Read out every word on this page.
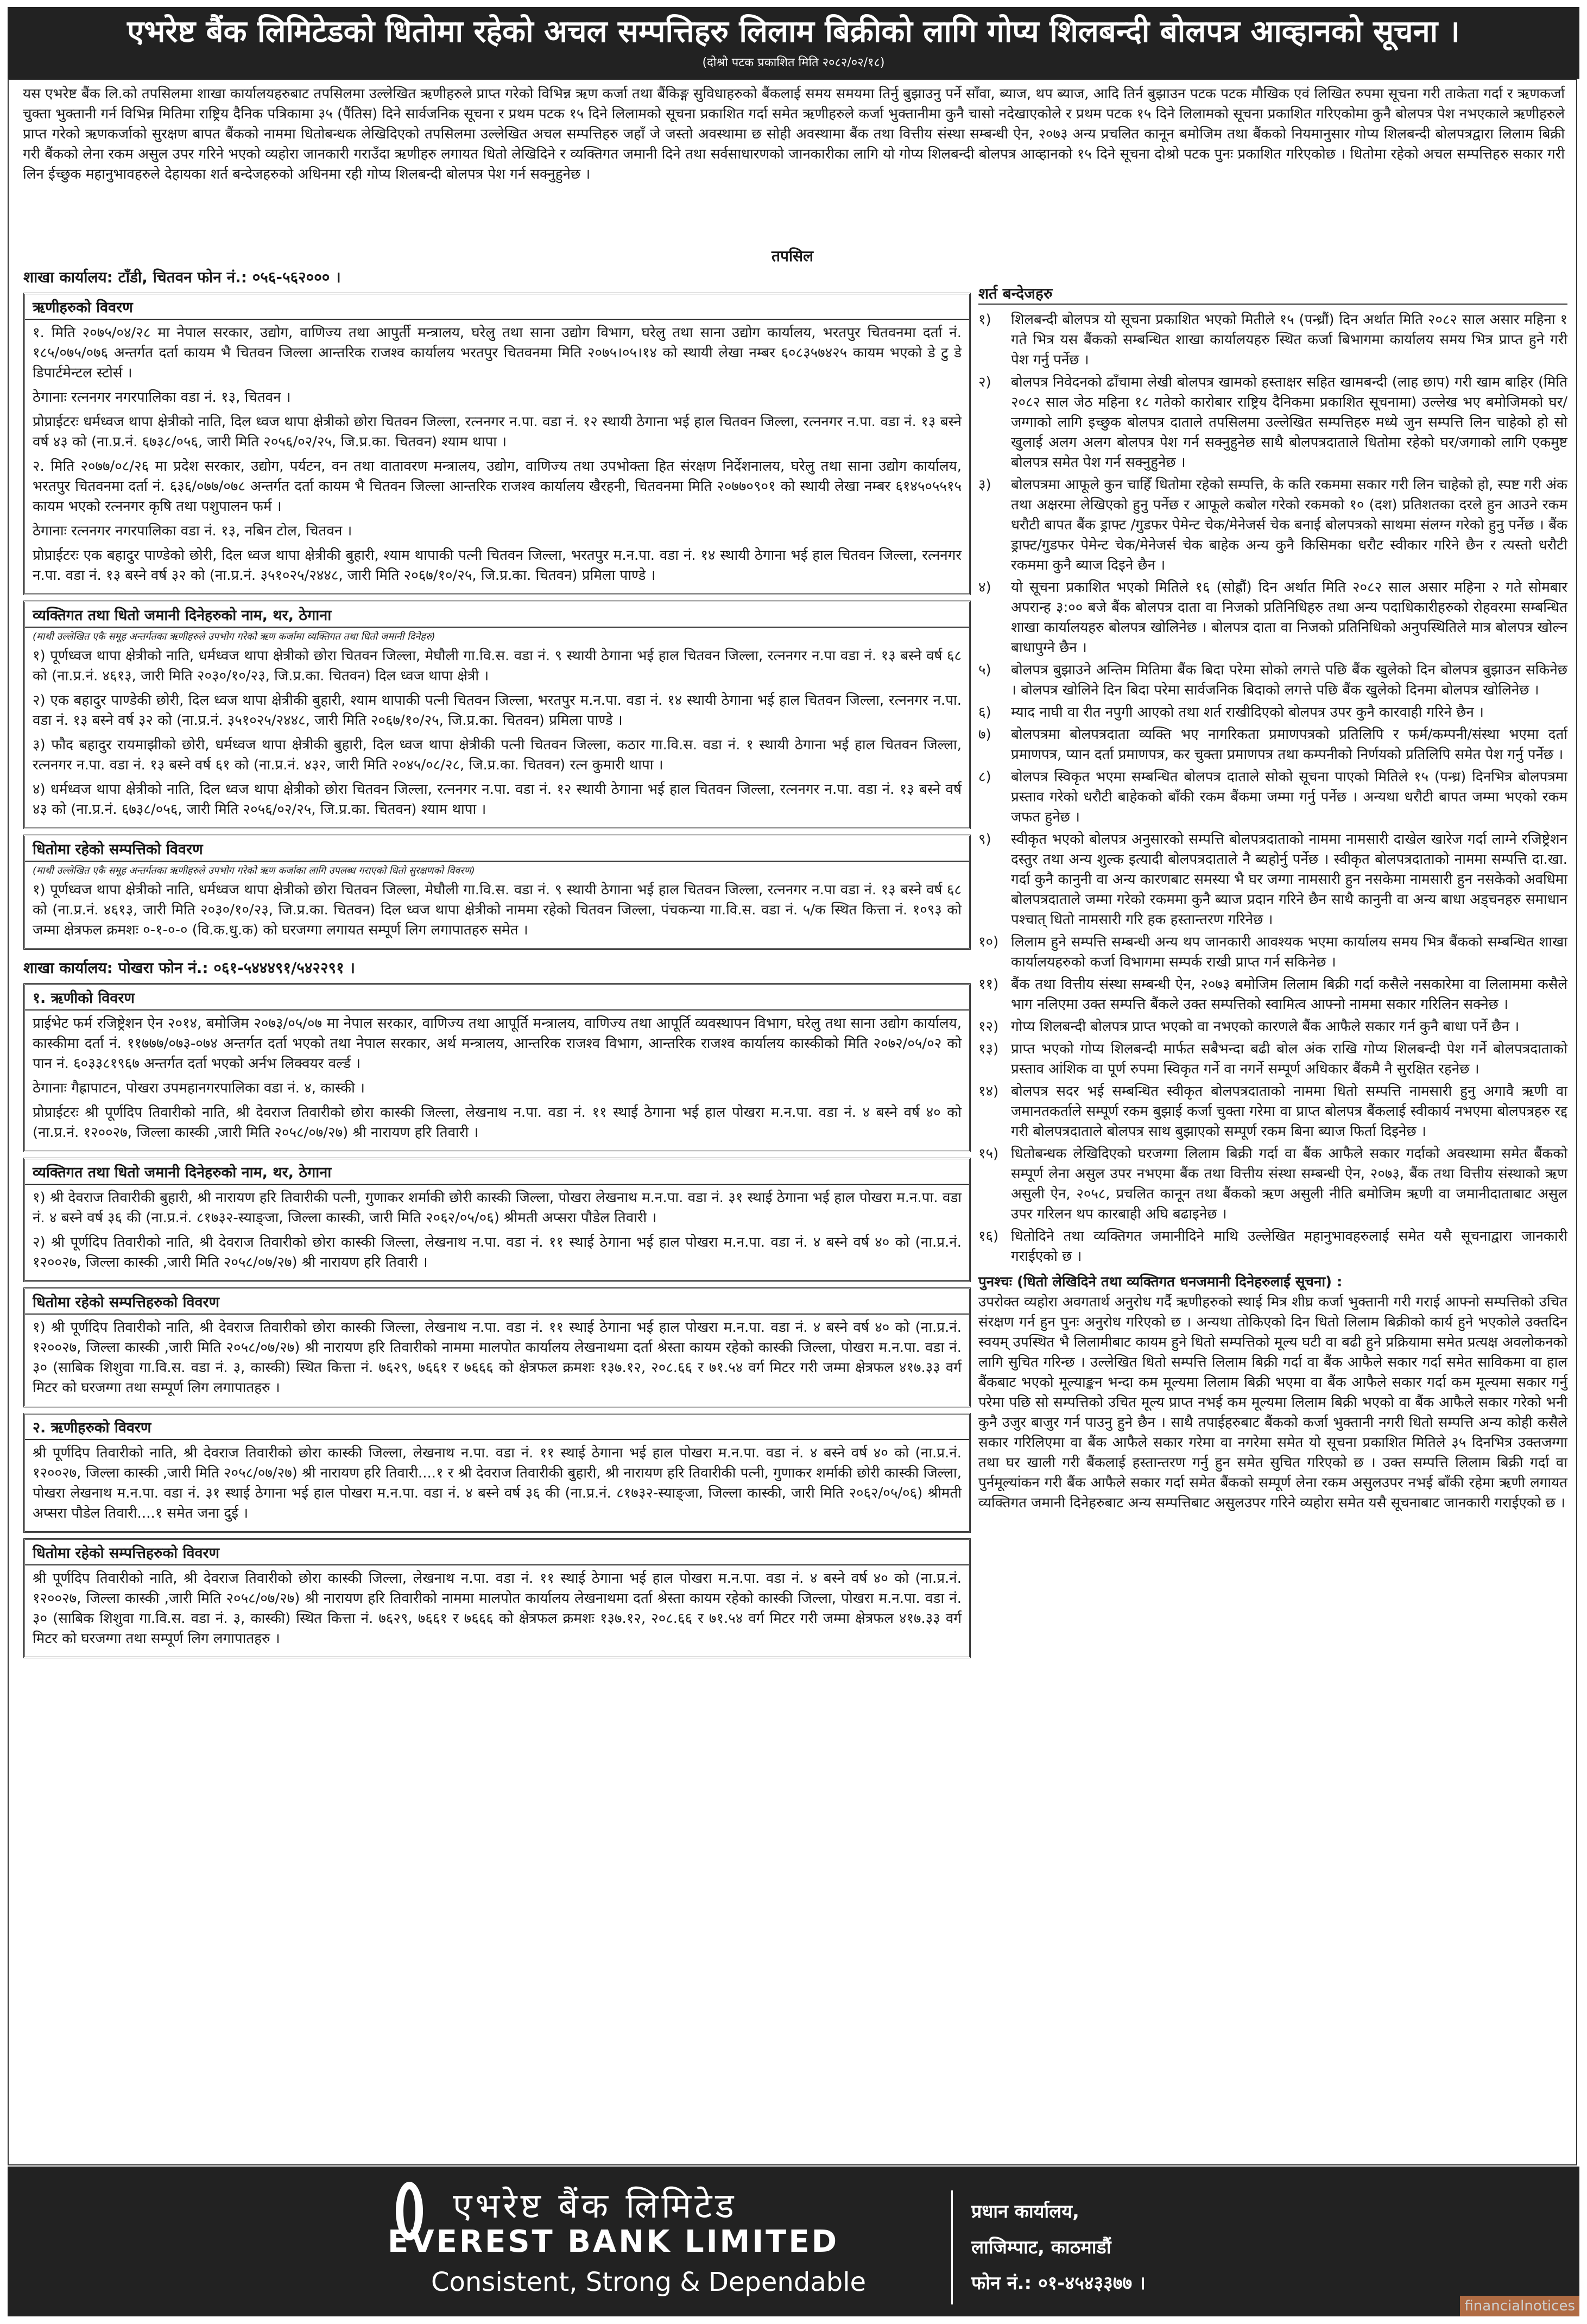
एभरेष्ट बैंक लिमिटेडको धितोमा रहेको अचल सम्पत्तिहरु लिलाम बिक्रीको लागि गोप्य शिलबन्दी बोलपत्र आव्हानको सूचना ।
(दोश्रो पटक प्रकाशित मिति २०८२/०२/१८)
यस एभरेष्ट बैंक लि.को तपसिलमा शाखा कार्यालयहरुबाट तपसिलमा उल्लेखित ऋणीहरुले प्राप्त गरेको विभिन्न ऋण कर्जा तथा बैंकिङ्ग सुविधाहरुको बैंकलाई समय समयमा तिर्नु बुझाउनु पर्ने साँवा, ब्याज, थप ब्याज, आदि तिर्न बुझाउन पटक पटक मौखिक एवं लिखित रुपमा सूचना गरी ताकेता गर्दा र ऋणकर्जा चुक्ता भुक्तानी गर्न विभिन्न मितिमा राष्ट्रिय दैनिक पत्रिकामा ३५ (पैंतिस) दिने सार्वजनिक सूचना र प्रथम पटक १५ दिने लिलामको सूचना प्रकाशित गर्दा समेत ऋणीहरुले कर्जा भुक्तानीमा कुनै चासो नदेखाएकोले र प्रथम पटक १५ दिने लिलामको सूचना प्रकाशित गरिएकोमा कुनै बोलपत्र पेश नभएकाले ऋणीहरुले प्राप्त गरेको ऋणकर्जाको सुरक्षण बापत बैंकको नाममा धितोबन्धक लेखिदिएको तपसिलमा उल्लेखित अचल सम्पत्तिहरु जहाँ जे जस्तो अवस्थामा छ सोही अवस्थामा बैंक तथा वित्तीय संस्था सम्बन्धी ऐन, २०७३ अन्य प्रचलित कानून बमोजिम तथा बैंकको नियमानुसार गोप्य शिलबन्दी बोलपत्रद्वारा लिलाम बिक्री गरी बैंकको लेना रकम असुल उपर गरिने भएको व्यहोरा जानकारी गराउँदा ऋणीहरु लगायत धितो लेखिदिने र व्यक्तिगत जमानी दिने तथा सर्वसाधारणको जानकारीका लागि यो गोप्य शिलबन्दी बोलपत्र आव्हानको १५ दिने सूचना दोश्रो पटक पुनः प्रकाशित गरिएकोछ । धितोमा रहेको अचल सम्पत्तिहरु सकार गरी लिन ईच्छुक महानुभावहरुले देहायका शर्त बन्देजहरुको अधिनमा रही गोप्य शिलबन्दी बोलपत्र पेश गर्न सक्नुहुनेछ ।
तपसिल
शाखा कार्यालय: टाँडी, चितवन फोन नं.: ०५६-५६२००० ।
ऋणीहरुको विवरण

१. मिति २०७५/०४/२८ मा नेपाल सरकार, उद्योग, वाणिज्य तथा आपुर्ती मन्त्रालय, घरेलु तथा साना उद्योग विभाग, घरेलु तथा साना उद्योग कार्यालय, भरतपुर चितवनमा दर्ता नं. १८५/०७५/०७६ अन्तर्गत दर्ता कायम भै चितवन जिल्ला आन्तरिक राजश्व कार्यालय भरतपुर चितवनमा मिति २०७५।०५।१४ को स्थायी लेखा नम्बर ६०८३५७४२५ कायम भएको डे टु डे डिपार्टमेन्टल स्टोर्स ।

ठेगानाः रत्ननगर नगरपालिका वडा नं. १३, चितवन ।

प्रोप्राईटरः धर्मध्वज थापा क्षेत्रीको नाति, दिल ध्वज थापा क्षेत्रीको छोरा चितवन जिल्ला, रत्ननगर न.पा. वडा नं. १२ स्थायी ठेगाना भई हाल चितवन जिल्ला, रत्ननगर न.पा. वडा नं. १३ बस्ने वर्ष ४३ को (ना.प्र.नं. ६७३८/०५६, जारी मिति २०५६/०२/२५, जि.प्र.का. चितवन) श्याम थापा ।

२. मिति २०७७/०८/२६ मा प्रदेश सरकार, उद्योग, पर्यटन, वन तथा वातावरण मन्त्रालय, उद्योग, वाणिज्य तथा उपभोक्ता हित संरक्षण निर्देशनालय, घरेलु तथा साना उद्योग कार्यालय, भरतपुर चितवनमा दर्ता नं. ६३६/०७७/०७८ अन्तर्गत दर्ता कायम भै चितवन जिल्ला आन्तरिक राजश्व कार्यालय खैरहनी, चितवनमा मिति २०७७०९०१ को स्थायी लेखा नम्बर ६१४५०५५१५ कायम भएको रत्ननगर कृषि तथा पशुपालन फर्म ।

ठेगानाः रत्ननगर नगरपालिका वडा नं. १३, नबिन टोल, चितवन ।

प्रोप्राईटरः एक बहादुर पाण्डेको छोरी, दिल ध्वज थापा क्षेत्रीकी बुहारी, श्याम थापाकी पत्नी चितवन जिल्ला, भरतपुर म.न.पा. वडा नं. १४ स्थायी ठेगाना भई हाल चितवन जिल्ला, रत्ननगर न.पा. वडा नं. १३ बस्ने वर्ष ३२ को (ना.प्र.नं. ३५१०२५/२४४८, जारी मिति २०६७/१०/२५, जि.प्र.का. चितवन) प्रमिला पाण्डे ।

व्यक्तिगत तथा धितो जमानी दिनेहरुको नाम, थर, ठेगाना
(माथी उल्लेखित एकै समूह अन्तर्गतका ऋणीहरुले उपभोग गरेको ऋण कर्जामा व्यक्तिगत तथा धितो जमानी दिनेहरु)

१) पूर्णध्वज थापा क्षेत्रीको नाति, धर्मध्वज थापा क्षेत्रीको छोरा चितवन जिल्ला, मेघौली गा.वि.स. वडा नं. ९ स्थायी ठेगाना भई हाल चितवन जिल्ला, रत्ननगर न.पा वडा नं. १३ बस्ने वर्ष ६८ को (ना.प्र.नं. ४६१३, जारी मिति २०३०/१०/२३, जि.प्र.का. चितवन) दिल ध्वज थापा क्षेत्री ।

२) एक बहादुर पाण्डेकी छोरी, दिल ध्वज थापा क्षेत्रीकी बुहारी, श्याम थापाकी पत्नी चितवन जिल्ला, भरतपुर म.न.पा. वडा नं. १४ स्थायी ठेगाना भई हाल चितवन जिल्ला, रत्ननगर न.पा. वडा नं. १३ बस्ने वर्ष ३२ को (ना.प्र.नं. ३५१०२५/२४४८, जारी मिति २०६७/१०/२५, जि.प्र.का. चितवन) प्रमिला पाण्डे ।

३) फौद बहादुर रायमाझीको छोरी, धर्मध्वज थापा क्षेत्रीकी बुहारी, दिल ध्वज थापा क्षेत्रीकी पत्नी चितवन जिल्ला, कठार गा.वि.स. वडा नं. १ स्थायी ठेगाना भई हाल चितवन जिल्ला, रत्ननगर न.पा. वडा नं. १३ बस्ने वर्ष ६१ को (ना.प्र.नं. ४३२, जारी मिति २०४५/०८/२८, जि.प्र.का. चितवन) रत्न कुमारी थापा ।

४) धर्मध्वज थापा क्षेत्रीको नाति, दिल ध्वज थापा क्षेत्रीको छोरा चितवन जिल्ला, रत्ननगर न.पा. वडा नं. १२ स्थायी ठेगाना भई हाल चितवन जिल्ला, रत्ननगर न.पा. वडा नं. १३ बस्ने वर्ष ४३ को (ना.प्र.नं. ६७३८/०५६, जारी मिति २०५६/०२/२५, जि.प्र.का. चितवन) श्याम थापा ।

धितोमा रहेको सम्पत्तिको विवरण
(माथी उल्लेखित एकै समूह अन्तर्गतका ऋणीहरुले उपभोग गरेको ऋण कर्जाका लागि उपलब्ध गराएको धितो सुरक्षणको विवरण)

१) पूर्णध्वज थापा क्षेत्रीको नाति, धर्मध्वज थापा क्षेत्रीको छोरा चितवन जिल्ला, मेघौली गा.वि.स. वडा नं. ९ स्थायी ठेगाना भई हाल चितवन जिल्ला, रत्ननगर न.पा वडा नं. १३ बस्ने वर्ष ६८ को (ना.प्र.नं. ४६१३, जारी मिति २०३०/१०/२३, जि.प्र.का. चितवन) दिल ध्वज थापा क्षेत्रीको नाममा रहेको चितवन जिल्ला, पंचकन्या गा.वि.स. वडा नं. ५/क स्थित कित्ता नं. १०९३ को जम्मा क्षेत्रफल क्रमशः ०-१-०-० (वि.क.धु.क) को घरजग्गा लगायत सम्पूर्ण लिग लगापातहरु समेत ।

शाखा कार्यालय: पोखरा फोन नं.: ०६१-५४४४९१/५४२२९१ ।
१. ऋणीको विवरण

प्राईभेट फर्म रजिष्ट्रेशन ऐन २०१४, बमोजिम २०७३/०५/०७ मा नेपाल सरकार, वाणिज्य तथा आपूर्ति मन्त्रालय, वाणिज्य तथा आपूर्ति व्यवस्थापन विभाग, घरेलु तथा साना उद्योग कार्यालय, कास्कीमा दर्ता नं. ११७७७/०७३-०७४ अन्तर्गत दर्ता भएको तथा नेपाल सरकार, अर्थ मन्त्रालय, आन्तरिक राजश्व विभाग, आन्तरिक राजश्व कार्यालय कास्कीको मिति २०७२/०५/०२ को पान नं. ६०३३८१९६७ अन्तर्गत दर्ता भएको अर्नभ लिक्वयर वर्ल्ड ।

ठेगानाः गैह्रापाटन, पोखरा उपमहानगरपालिका वडा नं. ४, कास्की ।

प्रोप्राईटरः श्री पूर्णदिप तिवारीको नाति, श्री देवराज तिवारीको छोरा कास्की जिल्ला, लेखनाथ न.पा. वडा नं. ११ स्थाई ठेगाना भई हाल पोखरा म.न.पा. वडा नं. ४ बस्ने वर्ष ४० को (ना.प्र.नं. १२००२७, जिल्ला कास्की ,जारी मिति २०५८/०७/२७) श्री नारायण हरि तिवारी ।

व्यक्तिगत तथा धितो जमानी दिनेहरुको नाम, थर, ठेगाना

१) श्री देवराज तिवारीकी बुहारी, श्री नारायण हरि तिवारीकी पत्नी, गुणाकर शर्माकी छोरी कास्की जिल्ला, पोखरा लेखनाथ म.न.पा. वडा नं. ३१ स्थाई ठेगाना भई हाल पोखरा म.न.पा. वडा नं. ४ बस्ने वर्ष ३६ की (ना.प्र.नं. ८१७३२-स्याङ्जा, जिल्ला कास्की, जारी मिति २०६२/०५/०६) श्रीमती अप्सरा पौडेल तिवारी ।

२) श्री पूर्णदिप तिवारीको नाति, श्री देवराज तिवारीको छोरा कास्की जिल्ला, लेखनाथ न.पा. वडा नं. ११ स्थाई ठेगाना भई हाल पोखरा म.न.पा. वडा नं. ४ बस्ने वर्ष ४० को (ना.प्र.नं. १२००२७, जिल्ला कास्की ,जारी मिति २०५८/०७/२७) श्री नारायण हरि तिवारी ।

धितोमा रहेको सम्पत्तिहरुको विवरण

१) श्री पूर्णदिप तिवारीको नाति, श्री देवराज तिवारीको छोरा कास्की जिल्ला, लेखनाथ न.पा. वडा नं. ११ स्थाई ठेगाना भई हाल पोखरा म.न.पा. वडा नं. ४ बस्ने वर्ष ४० को (ना.प्र.नं. १२००२७, जिल्ला कास्की ,जारी मिति २०५८/०७/२७) श्री नारायण हरि तिवारीको नाममा मालपोत कार्यालय लेखनाथमा दर्ता श्रेस्ता कायम रहेको कास्की जिल्ला, पोखरा म.न.पा. वडा नं. ३० (साबिक शिशुवा गा.वि.स. वडा नं. ३, कास्की) स्थित कित्ता नं. ७६२९, ७६६१ र ७६६६ को क्षेत्रफल क्रमशः १३७.१२, २०८.६६ र ७१.५४ वर्ग मिटर गरी जम्मा क्षेत्रफल ४१७.३३ वर्ग मिटर को घरजग्गा तथा सम्पूर्ण लिग लगापातहरु ।

२. ऋणीहरुको विवरण

श्री पूर्णदिप तिवारीको नाति, श्री देवराज तिवारीको छोरा कास्की जिल्ला, लेखनाथ न.पा. वडा नं. ११ स्थाई ठेगाना भई हाल पोखरा म.न.पा. वडा नं. ४ बस्ने वर्ष ४० को (ना.प्र.नं. १२००२७, जिल्ला कास्की ,जारी मिति २०५८/०७/२७) श्री नारायण हरि तिवारी....१ र श्री देवराज तिवारीकी बुहारी, श्री नारायण हरि तिवारीकी पत्नी, गुणाकर शर्माकी छोरी कास्की जिल्ला, पोखरा लेखनाथ म.न.पा. वडा नं. ३१ स्थाई ठेगाना भई हाल पोखरा म.न.पा. वडा नं. ४ बस्ने वर्ष ३६ की (ना.प्र.नं. ८१७३२-स्याङ्जा, जिल्ला कास्की, जारी मिति २०६२/०५/०६) श्रीमती अप्सरा पौडेल तिवारी....१ समेत जना दुई ।

धितोमा रहेको सम्पत्तिहरुको विवरण

श्री पूर्णदिप तिवारीको नाति, श्री देवराज तिवारीको छोरा कास्की जिल्ला, लेखनाथ न.पा. वडा नं. ११ स्थाई ठेगाना भई हाल पोखरा म.न.पा. वडा नं. ४ बस्ने वर्ष ४० को (ना.प्र.नं. १२००२७, जिल्ला कास्की ,जारी मिति २०५८/०७/२७) श्री नारायण हरि तिवारीको नाममा मालपोत कार्यालय लेखनाथमा दर्ता श्रेस्ता कायम रहेको कास्की जिल्ला, पोखरा म.न.पा. वडा नं. ३० (साबिक शिशुवा गा.वि.स. वडा नं. ३, कास्की) स्थित कित्ता नं. ७६२९, ७६६१ र ७६६६ को क्षेत्रफल क्रमशः १३७.१२, २०८.६६ र ७१.५४ वर्ग मिटर गरी जम्मा क्षेत्रफल ४१७.३३ वर्ग मिटर को घरजग्गा तथा सम्पूर्ण लिग लगापातहरु ।

शर्त बन्देजहरु
१)	शिलबन्दी बोलपत्र यो सूचना प्रकाशित भएको मितीले १५ (पन्ध्रौं) दिन अर्थात मिति २०८२ साल असार महिना १ गते भित्र यस बैंकको सम्बन्धित शाखा कार्यालयहरु स्थित कर्जा बिभागमा कार्यालय समय भित्र प्राप्त हुने गरी पेश गर्नु पर्नेछ ।
२)	बोलपत्र निवेदनको ढाँचामा लेखी बोलपत्र खामको हस्ताक्षर सहित खामबन्दी (लाह छाप) गरी खाम बाहिर (मिति २०८२ साल जेठ महिना १८ गतेको कारोबार राष्ट्रिय दैनिकमा प्रकाशित सूचनामा) उल्लेख भए बमोजिमको घर/जग्गाको लागि इच्छुक बोलपत्र दाताले तपसिलमा उल्लेखित सम्पत्तिहरु मध्ये जुन सम्पत्ति लिन चाहेको हो सो खुलाई अलग अलग बोलपत्र पेश गर्न सक्नुहुनेछ साथै बोलपत्रदाताले धितोमा रहेको घर/जगाको लागि एकमुष्ट बोलपत्र समेत पेश गर्न सक्नुहुनेछ ।
३)	बोलपत्रमा आफूले कुन चाहिँ धितोमा रहेको सम्पत्ति, के कति रकममा सकार गरी लिन चाहेको हो, स्पष्ट गरी अंक तथा अक्षरमा लेखिएको हुनु पर्नेछ र आफूले कबोल गरेको रकमको १० (दश) प्रतिशतका दरले हुन आउने रकम धरौटी बापत बैंक ड्राफ्ट /गुडफर पेमेन्ट चेक/मेनेजर्स चेक बनाई बोलपत्रको साथमा संलग्न गरेको हुनु पर्नेछ । बैंक ड्राफ्ट/गुडफर पेमेन्ट चेक/मेनेजर्स चेक बाहेक अन्य कुनै किसिमका धरौट स्वीकार गरिने छैन र त्यस्तो धरौटी रकममा कुनै ब्याज दिइने छैन ।
४)	यो सूचना प्रकाशित भएको मितिले १६ (सोह्रौं) दिन अर्थात मिति २०८२ साल असार महिना २ गते सोमबार अपरान्ह ३:०० बजे बैंक बोलपत्र दाता वा निजको प्रतिनिधिहरु तथा अन्य पदाधिकारीहरुको रोहवरमा सम्बन्धित शाखा कार्यालयहरु बोलपत्र खोलिनेछ । बोलपत्र दाता वा निजको प्रतिनिधिको अनुपस्थितिले मात्र बोलपत्र खोल्न बाधापुग्ने छैन ।
५)	बोलपत्र बुझाउने अन्तिम मितिमा बैंक बिदा परेमा सोको लगत्ते पछि बैंक खुलेको दिन बोलपत्र बुझाउन सकिनेछ । बोलपत्र खोलिने दिन बिदा परेमा सार्वजनिक बिदाको लगत्ते पछि बैंक खुलेको दिनमा बोलपत्र खोलिनेछ ।
६)	म्याद नाघी वा रीत नपुगी आएको तथा शर्त राखीदिएको बोलपत्र उपर कुनै कारवाही गरिने छैन ।
७)	बोलपत्रमा बोलपत्रदाता व्यक्ति भए नागरिकता प्रमाणपत्रको प्रतिलिपि र फर्म/कम्पनी/संस्था भएमा दर्ता प्रमाणपत्र, प्यान दर्ता प्रमाणपत्र, कर चुक्ता प्रमाणपत्र तथा कम्पनीको निर्णयको प्रतिलिपि समेत पेश गर्नु पर्नेछ ।
८)	बोलपत्र स्विकृत भएमा सम्बन्धित बोलपत्र दाताले सोको सूचना पाएको मितिले १५ (पन्ध्र) दिनभित्र बोलपत्रमा प्रस्ताव गरेको धरौटी बाहेकको बाँकी रकम बैंकमा जम्मा गर्नु पर्नेछ । अन्यथा धरौटी बापत जम्मा भएको रकम जफत हुनेछ ।
९)	स्वीकृत भएको बोलपत्र अनुसारको सम्पत्ति बोलपत्रदाताको नाममा नामसारी दाखेल खारेज गर्दा लाग्ने रजिष्ट्रेशन दस्तुर तथा अन्य शुल्क इत्यादी बोलपत्रदाताले नै ब्यहोर्नु पर्नेछ । स्वीकृत बोलपत्रदाताको नाममा सम्पत्ति दा.खा. गर्दा कुनै कानुनी वा अन्य कारणबाट समस्या भै घर जग्गा नामसारी हुन नसकेमा नामसारी हुन नसकेको अवधिमा बोलपत्रदाताले जम्मा गरेको रकममा कुनै ब्याज प्रदान गरिने छैन साथै कानुनी वा अन्य बाधा अड्चनहरु समाधान पश्चात् धितो नामसारी गरि हक हस्तान्तरण गरिनेछ ।
१०) लिलाम हुने सम्पत्ति सम्बन्धी अन्य थप जानकारी आवश्यक भएमा कार्यालय समय भित्र बैंकको सम्बन्धित शाखा कार्यालयहरुको कर्जा विभागमा सम्पर्क राखी प्राप्त गर्न सकिनेछ ।
११) बैंक तथा वित्तीय संस्था सम्बन्धी ऐन, २०७३ बमोजिम लिलाम बिक्री गर्दा कसैले नसकारेमा वा लिलाममा कसैले भाग नलिएमा उक्त सम्पत्ति बैंकले उक्त सम्पत्तिको स्वामित्व आफ्नो नाममा सकार गरिलिन सक्नेछ ।
१२) गोप्य शिलबन्दी बोलपत्र प्राप्त भएको वा नभएको कारणले बैंक आफैले सकार गर्न कुनै बाधा पर्ने छैन ।
१३) प्राप्त भएको गोप्य शिलबन्दी मार्फत सबैभन्दा बढी बोल अंक राखि गोप्य शिलबन्दी पेश गर्ने बोलपत्रदाताको प्रस्ताव आंशिक वा पूर्ण रुपमा स्विकृत गर्ने वा नगर्ने सम्पूर्ण अधिकार बैंकमै नै सुरक्षित रहनेछ ।
१४) बोलपत्र सदर भई सम्बन्धित स्वीकृत बोलपत्रदाताको नाममा धितो सम्पत्ति नामसारी हुनु अगावै ऋणी वा जमानतकर्ताले सम्पूर्ण रकम बुझाई कर्जा चुक्ता गरेमा वा प्राप्त बोलपत्र बैंकलाई स्वीकार्य नभएमा बोलपत्रहरु रद्द गरी बोलपत्रदाताले बोलपत्र साथ बुझाएको सम्पूर्ण रकम बिना ब्याज फिर्ता दिइनेछ ।
१५) धितोबन्धक लेखिदिएको घरजग्गा लिलाम बिक्री गर्दा वा बैंक आफैले सकार गर्दाको अवस्थामा समेत बैंकको सम्पूर्ण लेना असुल उपर नभएमा बैंक तथा वित्तीय संस्था सम्बन्धी ऐन, २०७३, बैंक तथा वित्तीय संस्थाको ऋण असुली ऐन, २०५८, प्रचलित कानून तथा बैंकको ऋण असुली नीति बमोजिम ऋणी वा जमानीदाताबाट असुल उपर गरिलन थप कारबाही अघि बढाइनेछ ।
१६) धितोदिने तथा व्यक्तिगत जमानीदिने माथि उल्लेखित महानुभावहरुलाई समेत यसै सूचनाद्वारा जानकारी गराईएको छ ।
पुनश्चः (धितो लेखिदिने तथा व्यक्तिगत धनजमानी दिनेहरुलाई सूचना) :
उपरोक्त व्यहोरा अवगतार्थ अनुरोध गर्दै ऋणीहरुको स्थाई मित्र शीघ्र कर्जा भुक्तानी गरी गराई आफ्नो सम्पत्तिको उचित संरक्षण गर्न हुन पुनः अनुरोध गरिएको छ । अन्यथा तोकिएको दिन धितो लिलाम बिक्रीको कार्य हुने भएकोले उक्तदिन स्वयम् उपस्थित भै लिलामीबाट कायम हुने धितो सम्पत्तिको मूल्य घटी वा बढी हुने प्रक्रियामा समेत प्रत्यक्ष अवलोकनको लागि सुचित गरिन्छ । उल्लेखित धितो सम्पत्ति लिलाम बिक्री गर्दा वा बैंक आफैले सकार गर्दा समेत साविकमा वा हाल बैंकबाट भएको मूल्याङ्कन भन्दा कम मूल्यमा लिलाम बिक्री भएमा वा बैंक आफैले सकार गर्दा कम मूल्यमा सकार गर्नु परेमा पछि सो सम्पत्तिको उचित मूल्य प्राप्त नभई कम मूल्यमा लिलाम बिक्री भएको वा बैंक आफैले सकार गरेको भनी कुनै उजुर बाजुर गर्न पाउनु हुने छैन । साथै तपाईहरुबाट बैंकको कर्जा भुक्तानी नगरी धितो सम्पत्ति अन्य कोही कसैले सकार गरिलिएमा वा बैंक आफैले सकार गरेमा वा नगरेमा समेत यो सूचना प्रकाशित मितिले ३५ दिनभित्र उक्तजग्गा तथा घर खाली गरी बैंकलाई हस्तान्तरण गर्नु हुन समेत सुचित गरिएको छ । उक्त सम्पत्ति लिलाम बिक्री गर्दा वा पुर्नमूल्यांकन गरी बैंक आफैले सकार गर्दा समेत बैंकको सम्पूर्ण लेना रकम असुलउपर नभई बाँकी रहेमा ऋणी लगायत व्यक्तिगत जमानी दिनेहरुबाट अन्य सम्पत्तिबाट असुलउपर गरिने व्यहोरा समेत यसै सूचनाबाट जानकारी गराईएको छ ।
एभरेष्ट बैंक लिमिटेड
EVEREST BANK LIMITED
Consistent, Strong & Dependable
प्रधान कार्यालय,
लाजिम्पाट, काठमाडौं
फोन नं.: ०१-४५४३३७७ ।
financialnotices
